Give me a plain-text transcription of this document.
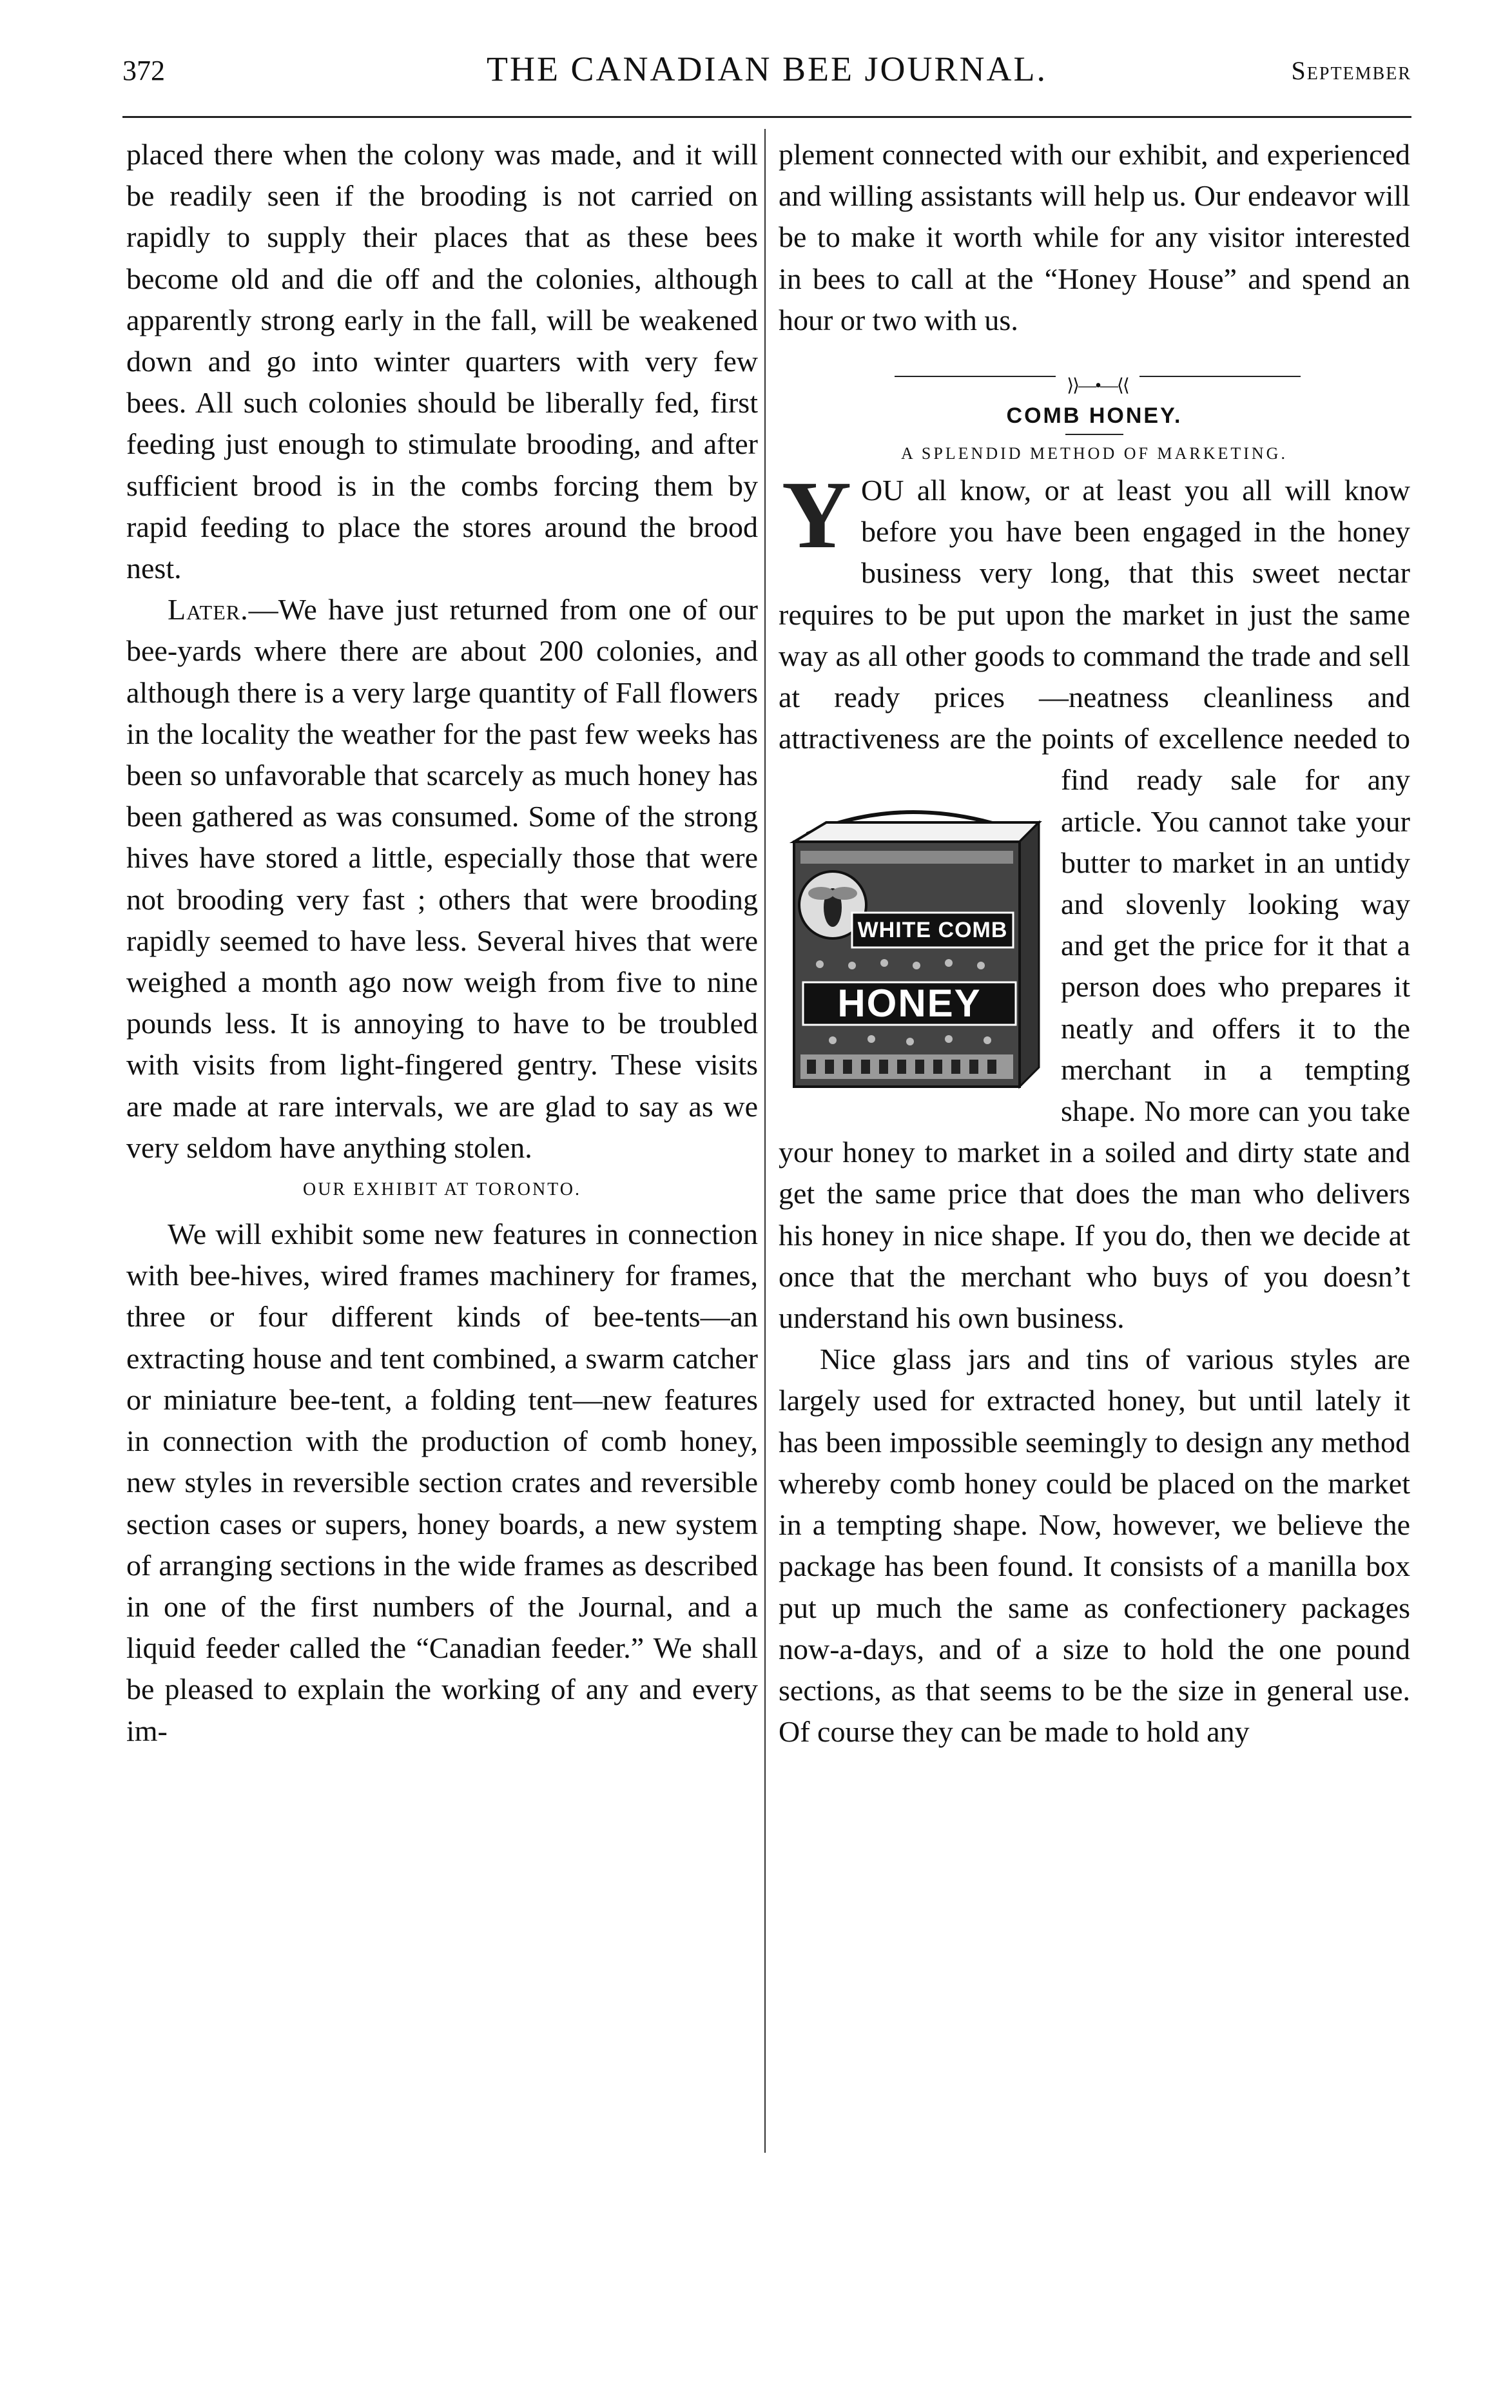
372	THE CANADIAN BEE JOURNAL.	September

placed there when the colony was made, and it will be readily seen if the brooding is not carried on rapidly to supply their places that as these bees become old and die off and the colonies, although apparently strong early in the fall, will be weakened down and go into winter quarters with very few bees. All such colonies should be liberally fed, first feeding just enough to stimulate brooding, and after sufficient brood is in the combs forcing them by rapid feeding to place the stores around the brood nest.

Later.—We have just returned from one of our bee-yards where there are about 200 colonies, and although there is a very large quantity of Fall flowers in the locality the weather for the past few weeks has been so unfavorable that scarcely as much honey has been gathered as was consumed. Some of the strong hives have stored a little, especially those that were not brooding very fast ; others that were brooding rapidly seemed to have less. Several hives that were weighed a month ago now weigh from five to nine pounds less. It is annoying to have to be troubled with visits from light-fingered gentry. These visits are made at rare intervals, we are glad to say as we very seldom have anything stolen.

OUR EXHIBIT AT TORONTO.

We will exhibit some new features in connection with bee-hives, wired frames machinery for frames, three or four different kinds of bee-tents—an extracting house and tent combined, a swarm catcher or miniature bee-tent, a folding tent—new features in connection with the production of comb honey, new styles in reversible section crates and reversible section cases or supers, honey boards, a new system of arranging sections in the wide frames as described in one of the first numbers of the Journal, and a liquid feeder called the “Canadian feeder.” We shall be pleased to explain the working of any and every im-

plement connected with our exhibit, and experienced and willing assistants will help us. Our endeavor will be to make it worth while for any visitor interested in bees to call at the “Honey House” and spend an hour or two with us.

⟩⟩—•—⟨⟨
COMB HONEY.
A SPLENDID METHOD OF MARKETING.

Y OU all know, or at least you all will know before you have been engaged in the honey business very long, that this sweet nectar requires to be put upon the market in just the same way as all other goods to command the trade and sell at ready prices —neatness cleanliness and attractiveness are the points of excellence needed to find ready sale for any article. You cannot take your butter to market in an untidy and slovenly looking way and get the price for it that a person does who prepares it neatly and offers it to the merchant in a tempting shape. No more can you take your honey to market in a soiled and dirty state and get the same price that does the man who delivers his honey in nice shape. If you do, then we decide at once that the merchant who buys of you doesn’t understand his own business.

Nice glass jars and tins of various styles are largely used for extracted honey, but until lately it has been impossible seemingly to design any method whereby comb honey could be placed on the market in a tempting shape. Now, however, we believe the package has been found. It consists of a manilla box put up much the same as confectionery packages now-a-days, and of a size to hold the one pound sections, as that seems to be the size in general use. Of course they can be made to hold any

WHITE COMB
HONEY
